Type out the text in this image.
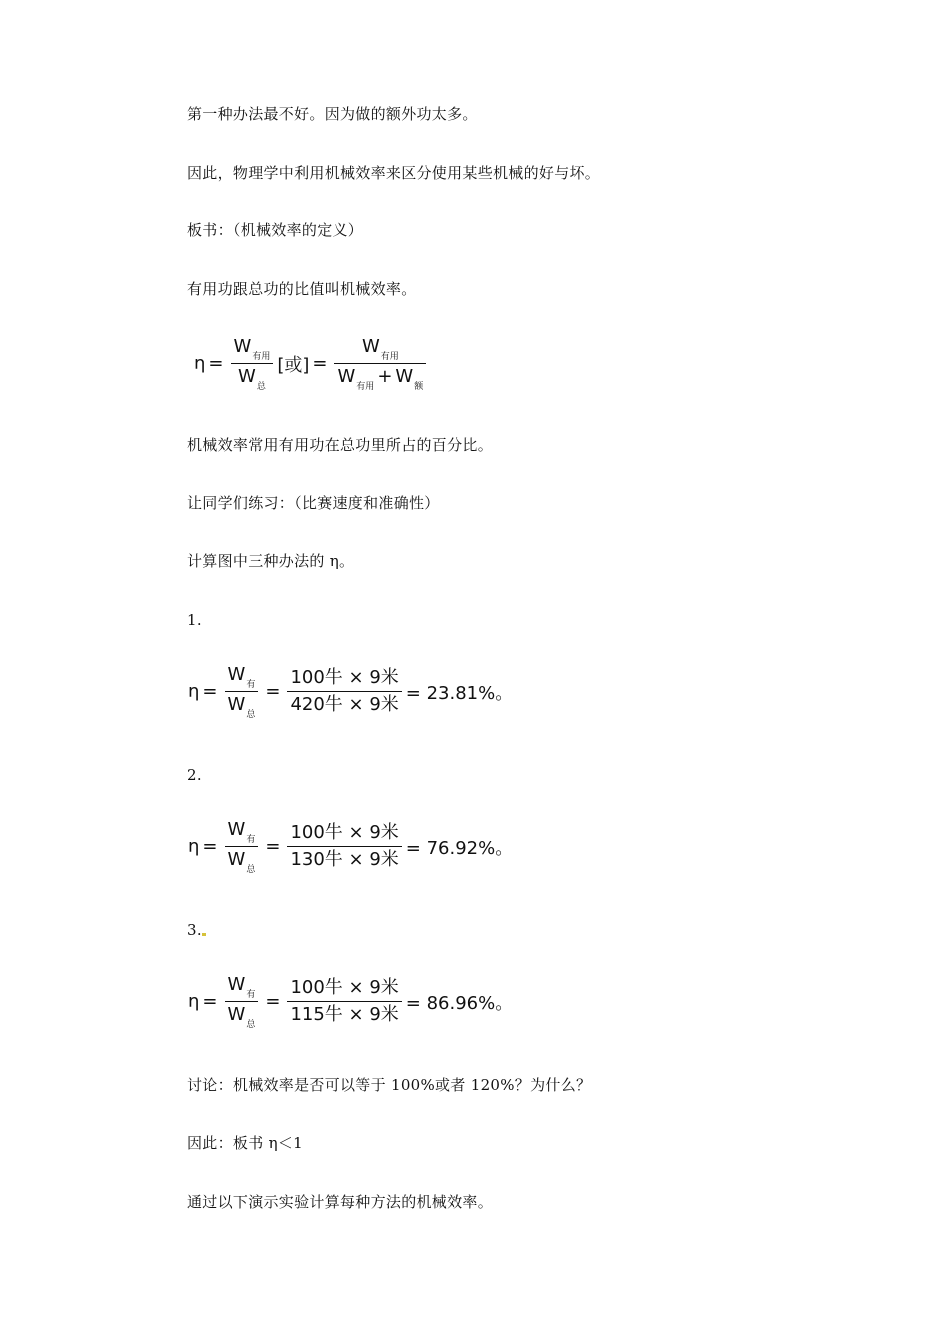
第一种办法最不好。因为做的额外功太多。
因此，物理学中利用机械效率来区分使用某些机械的好与坏。
板书：（机械效率的定义）
有用功跟总功的比值叫机械效率。
$\eta = \frac{W_{有用}}{W_总}$ [或] = $\frac{W_{有用}}{W_{有用} + W_额}$
机械效率常用有用功在总功里所占的百分比。
让同学们练习：（比赛速度和准确性）
计算图中三种办法的 η。
1.
$\eta = \frac{W_有}{W_总} = \frac{\text{100牛 × 9米}}{\text{420牛 × 9米}} = 23.81\%$。
2.
$\eta = \frac{W_有}{W_总} = \frac{\text{100牛 × 9米}}{\text{130牛 × 9米}} = 76.92\%$。
3.
$\eta = \frac{W_有}{W_总} = \frac{\text{100牛 × 9米}}{\text{115牛 × 9米}} = 86.96\%$。
讨论：机械效率是否可以等于 100%或者 120%？为什么？
因此：板书 η＜1
通过以下演示实验计算每种方法的机械效率。
